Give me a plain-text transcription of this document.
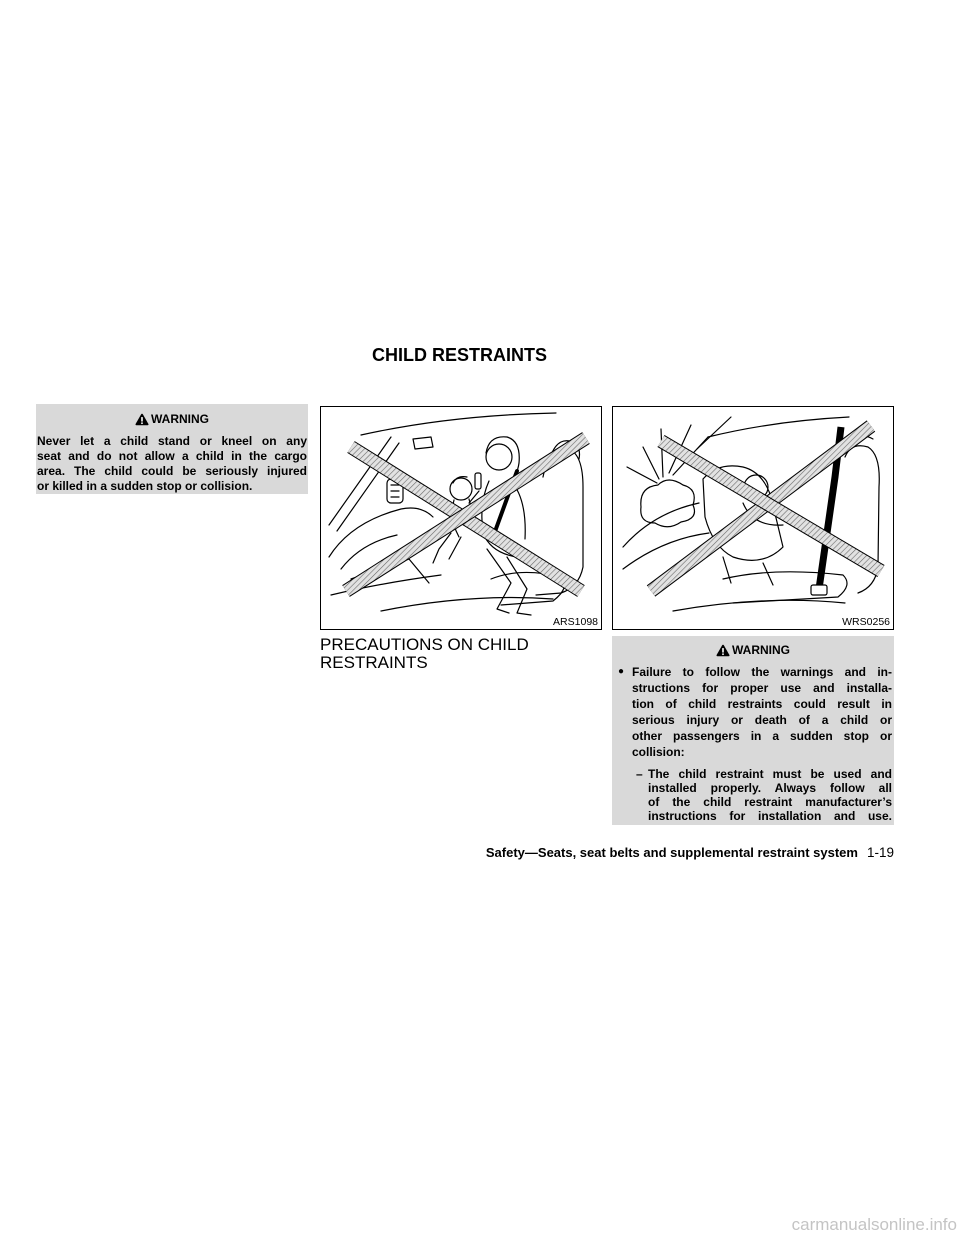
CHILD RESTRAINTS
WARNING
Never let a child stand or kneel on any
seat and do not allow a child in the cargo
area. The child could be seriously injured
or killed in a sudden stop or collision.
ARS1098	WRS0256
PRECAUTIONS ON CHILD
RESTRAINTS
WARNING
● Failure to follow the warnings and in-
structions for proper use and installa-
tion of child restraints could result in
serious injury or death of a child or
other passengers in a sudden stop or
collision:
– The child restraint must be used and
installed properly. Always follow all
of the child restraint manufacturer’s
instructions for installation and use.
Safety—Seats, seat belts and supplemental restraint system 1-19
carmanualsonline.info
